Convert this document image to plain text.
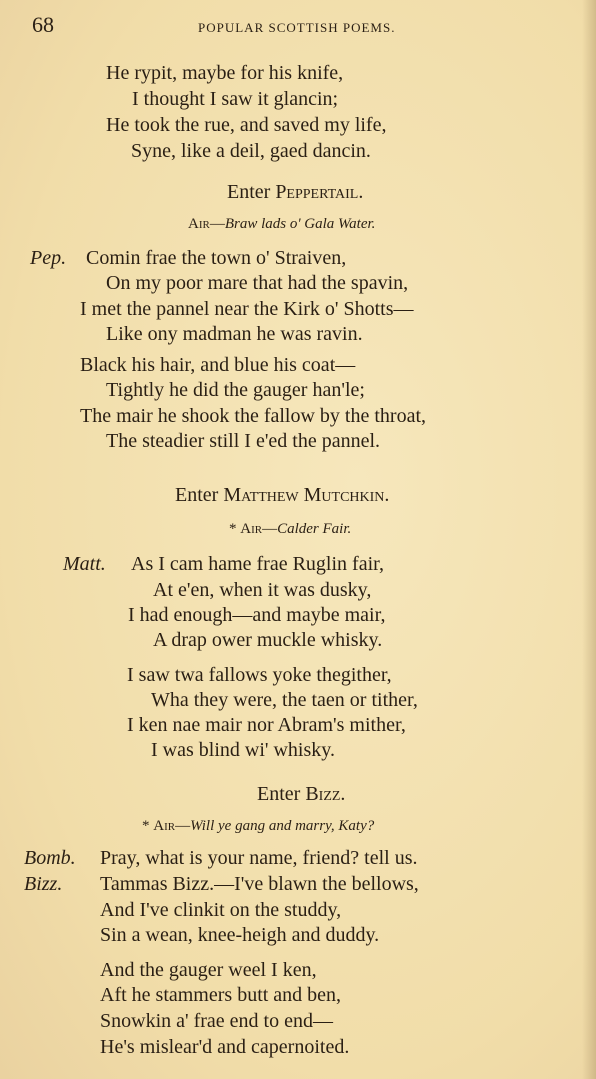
68	POPULAR SCOTTISH POEMS.
He rypit, maybe for his knife,
I thought I saw it glancin;
He took the rue, and saved my life,
Syne, like a deil, gaed dancin.
Enter Peppertail.
Air—Braw lads o' Gala Water.
Pep. Comin frae the town o' Straiven,
On my poor mare that had the spavin,
I met the pannel near the Kirk o' Shotts—
Like ony madman he was ravin.
Black his hair, and blue his coat—
Tightly he did the gauger han'le;
The mair he shook the fallow by the throat,
The steadier still I e'ed the pannel.
Enter Matthew Mutchkin.
* Air—Calder Fair.
Matt. As I cam hame frae Ruglin fair,
At e'en, when it was dusky,
I had enough—and maybe mair,
A drap ower muckle whisky.
I saw twa fallows yoke thegither,
Wha they were, the taen or tither,
I ken nae mair nor Abram's mither,
I was blind wi' whisky.
Enter Bizz.
* Air—Will ye gang and marry, Katy?
Bomb. Pray, what is your name, friend? tell us.
Bizz. Tammas Bizz.—I've blawn the bellows,
And I've clinkit on the studdy,
Sin a wean, knee-heigh and duddy.
And the gauger weel I ken,
Aft he stammers butt and ben,
Snowkin a' frae end to end—
He's mislear'd and capernoited.
